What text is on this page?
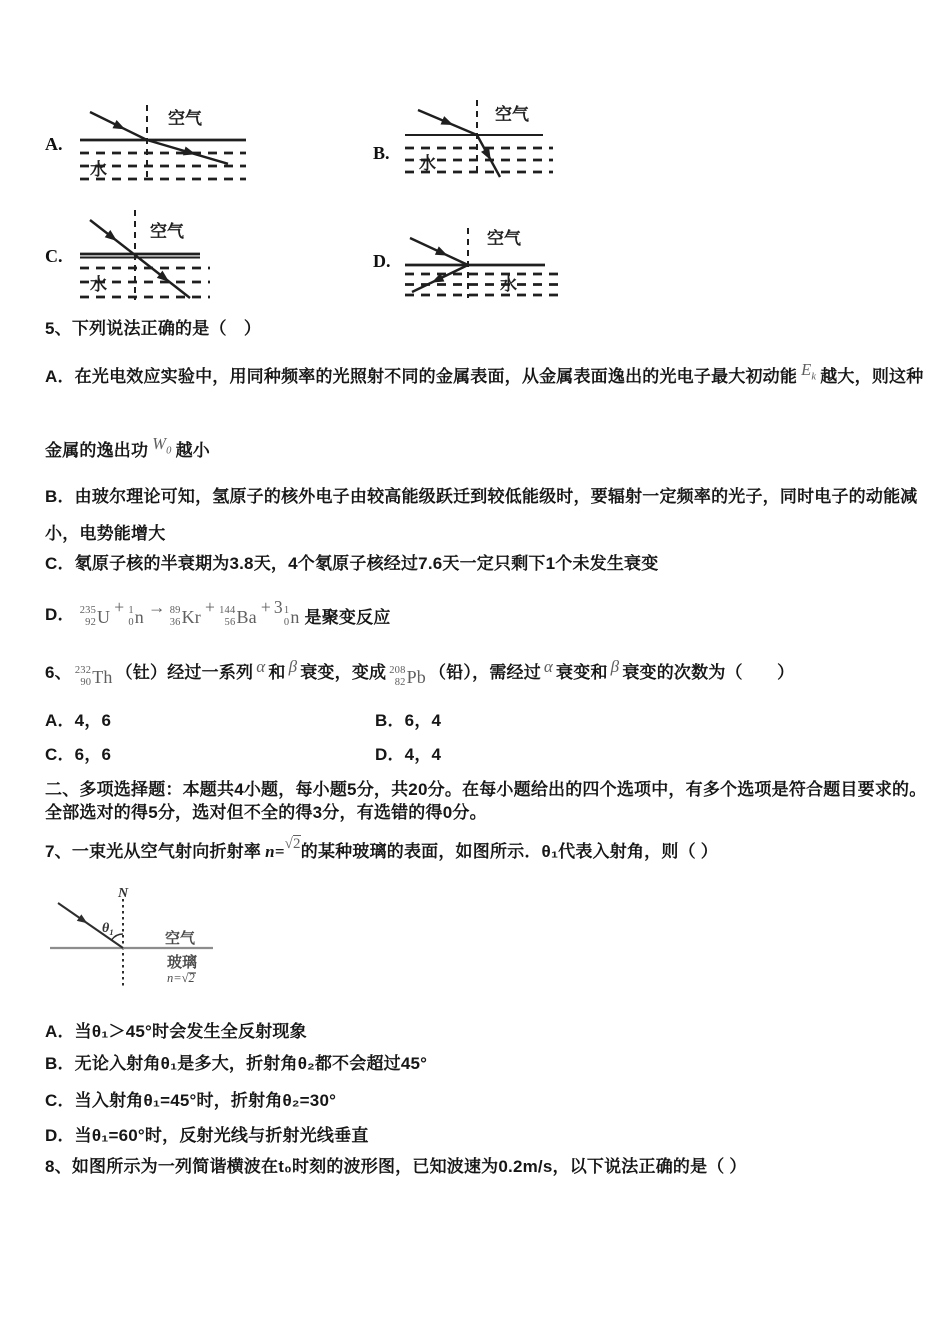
A.	B.
C.	D.
空气
水
空气
水
空气
水
空气
水
5、下列说法正确的是（　）
A．在光电效应实验中，用同种频率的光照射不同的金属表面，从金属表面逸出的光电子最大初动能 $E_k$ 越大，则这种
金属的逸出功 $W_0$ 越小
B．由玻尔理论可知，氢原子的核外电子由较高能级跃迁到较低能级时，要辐射一定频率的光子，同时电子的动能减
小，电势能增大
C．氡原子核的半衰期为3.8天，4个氡原子核经过7.6天一定只剩下1个未发生衰变
D． 235
92 U + 1
0 n → 89
36 Kr + 144
56 Ba + 3 1
0 n 是聚变反应
6、 232
90 Th （钍）经过一系列 α 和 β 衰变，变成 208
82 Pb （铅），需经过 α 衰变和 β 衰变的次数为（　　）
A．4，6	B．6，4
C．6，6	D．4，4
二、多项选择题：本题共4小题，每小题5分，共20分。在每小题给出的四个选项中，有多个选项是符合题目要求的。
全部选对的得5分，选对但不全的得3分，有选错的得0分。
7、一束光从空气射向折射率 n=√2的某种玻璃的表面，如图所示．θ₁代表入射角，则（ ）
N
θ₁
空气
玻璃
n=√2
A．当θ₁＞45°时会发生全反射现象
B．无论入射角θ₁是多大，折射角θ₂都不会超过45°
C．当入射角θ₁=45°时，折射角θ₂=30°
D．当θ₁=60°时，反射光线与折射光线垂直
8、如图所示为一列简谐横波在t₀时刻的波形图，已知波速为0.2m/s，以下说法正确的是（ ）
